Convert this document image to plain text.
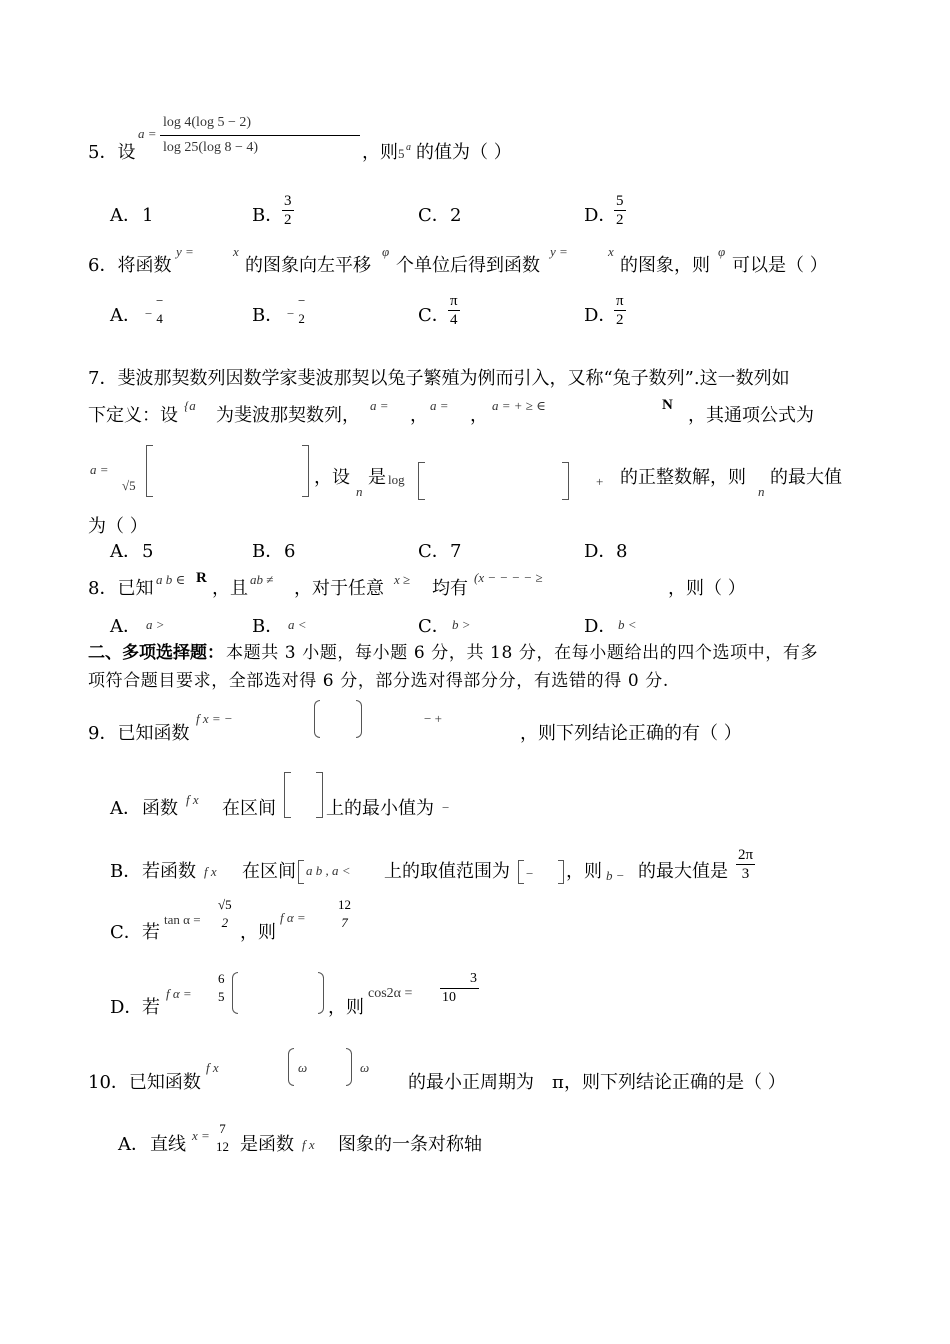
5．设
a =
log 4(log 5 − 2)
log 25(log 8 − 4)	，则 5 a 的值为（ ）
A． 1	B．
$\frac{3}{2}$	C． 2	D．
$\frac{5}{2}$
6．将函数
y =	x
的图象向左平移
φ
个单位后得到函数
y =	x
的图象，则
φ
可以是（ ）
A． −
−
4	B． −
−
2	C．
$\frac{\pi}{4}$	D．
$\frac{\pi}{2}$
7．斐波那契数列因数学家斐波那契以兔子繁殖为例而引入，又称“兔子数列”.这一数列如
下定义：设 {a 为斐波那契数列， a = ， a = ， a = + ≥ ∈	N ，其通项公式为
a =
√5	，设
n
是 log	+ 的正整数解，则
n
的最大值
为（ ）
A． 5	B． 6	C． 7	D． 8
8．已知 a b ∈ R ，且 ab ≠ ，对于任意 x ≥ 均有
(x − − − − ≥
，则（ ）
A． a >	B． a <	C． b >	D． b <
二、多项选择题： 本题共 3 小题，每小题 6 分，共 18 分，在每小题给出的四个选项中，有多
项符合题目要求，全部选对得 6 分，部分选对得部分分，有选错的得 0 分.
9．已知函数
f x = −	− +
，则下列结论正确的有（ ）
A． 函数 f x 在区间	上的最小值为 −
B． 若函数 f x 在区间 a b , a < 上的取值范围为 − ，则 b − 的最大值是 $\frac{2\pi}{3}$
C． 若
tan α =
√5
2 ，则
f α =
12
7
D． 若
f α =
6
5
，则
$\cos 2\alpha = \frac{3}{10}$
10．已知函数
f x	ω	ω
的最小正周期为 π ，则下列结论正确的是（ ）
A． 直线 x = 7
12 是函数 f x 图象的一条对称轴
